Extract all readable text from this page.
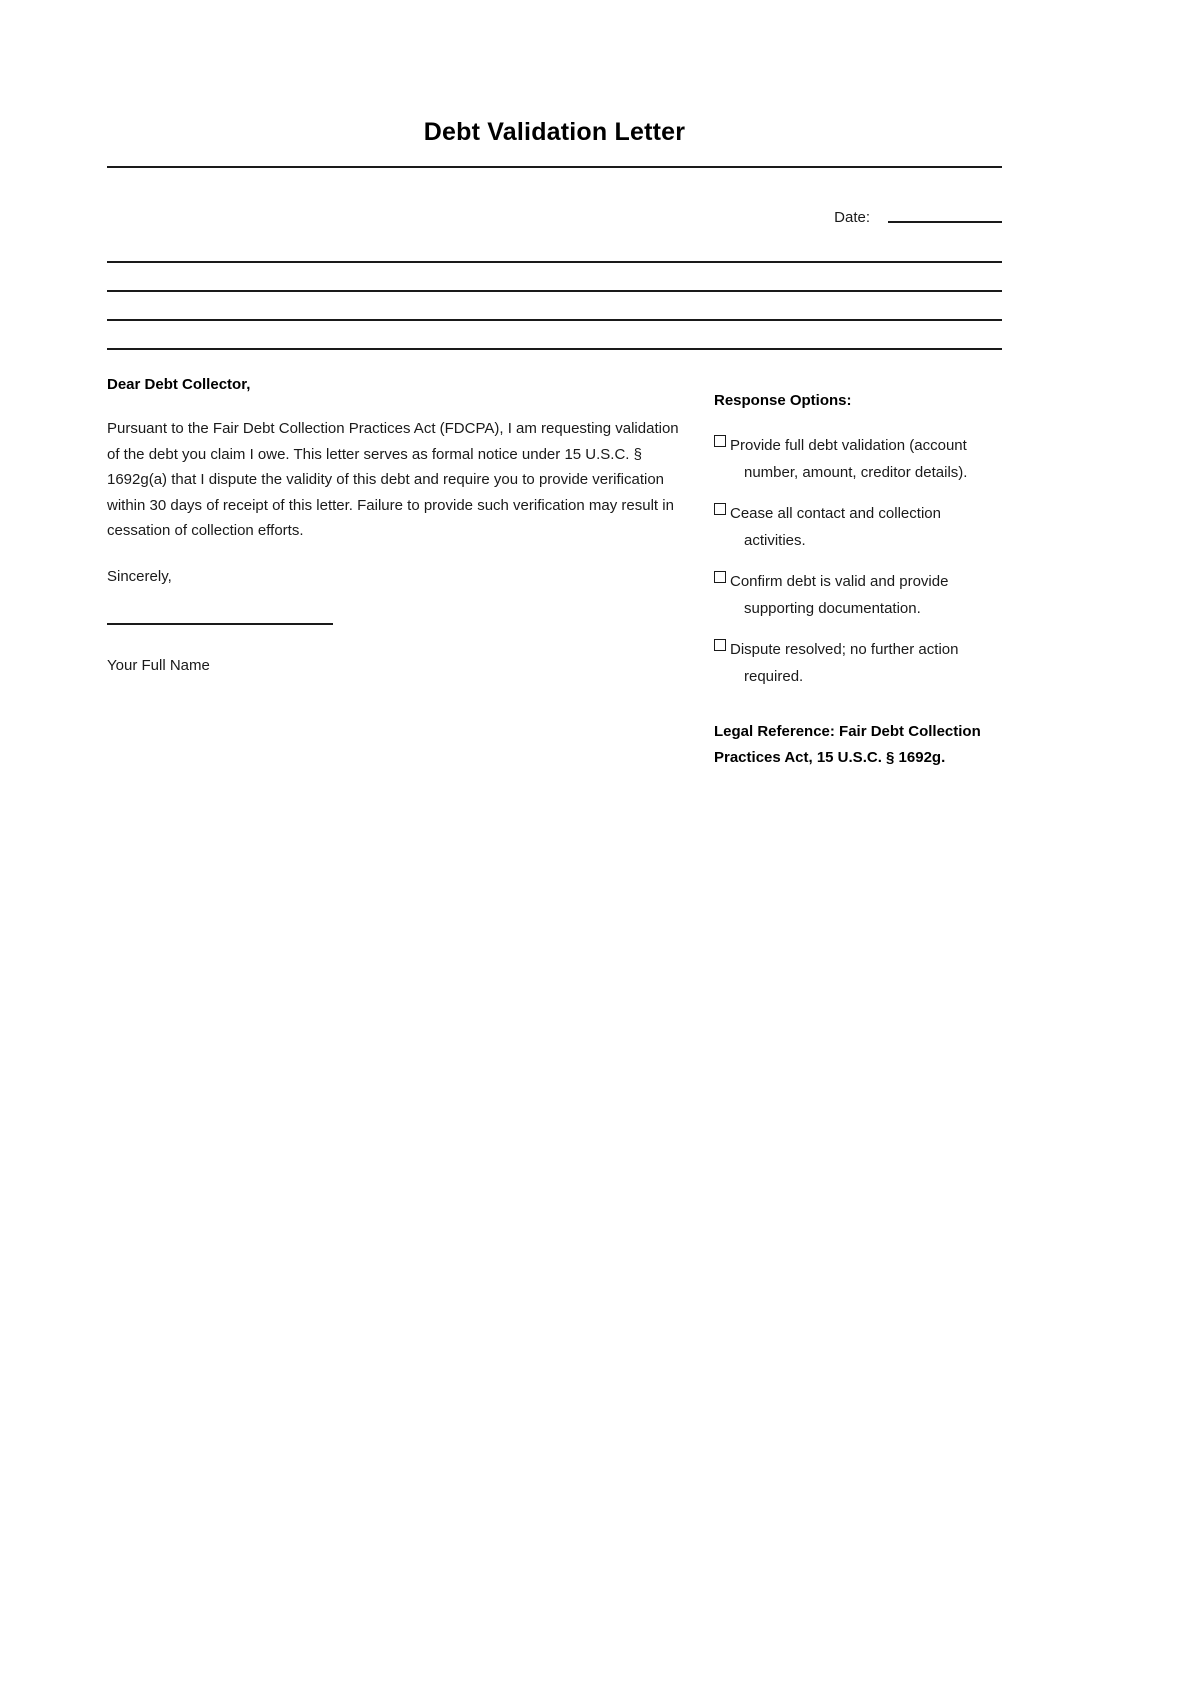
Debt Validation Letter
Date:

Dear Debt Collector,

Pursuant to the Fair Debt Collection Practices Act (FDCPA), I am requesting validation of the debt you claim I owe. This letter serves as formal notice under 15 U.S.C. § 1692g(a) that I dispute the validity of this debt and require you to provide verification within 30 days of receipt of this letter. Failure to provide such verification may result in cessation of collection efforts.

Sincerely,

Your Full Name

Response Options:

Provide full debt validation (account
number, amount, creditor details).
Cease all contact and collection
activities.
Confirm debt is valid and provide
supporting documentation.
Dispute resolved; no further action
required.

Legal Reference: Fair Debt Collection Practices Act, 15 U.S.C. § 1692g.
